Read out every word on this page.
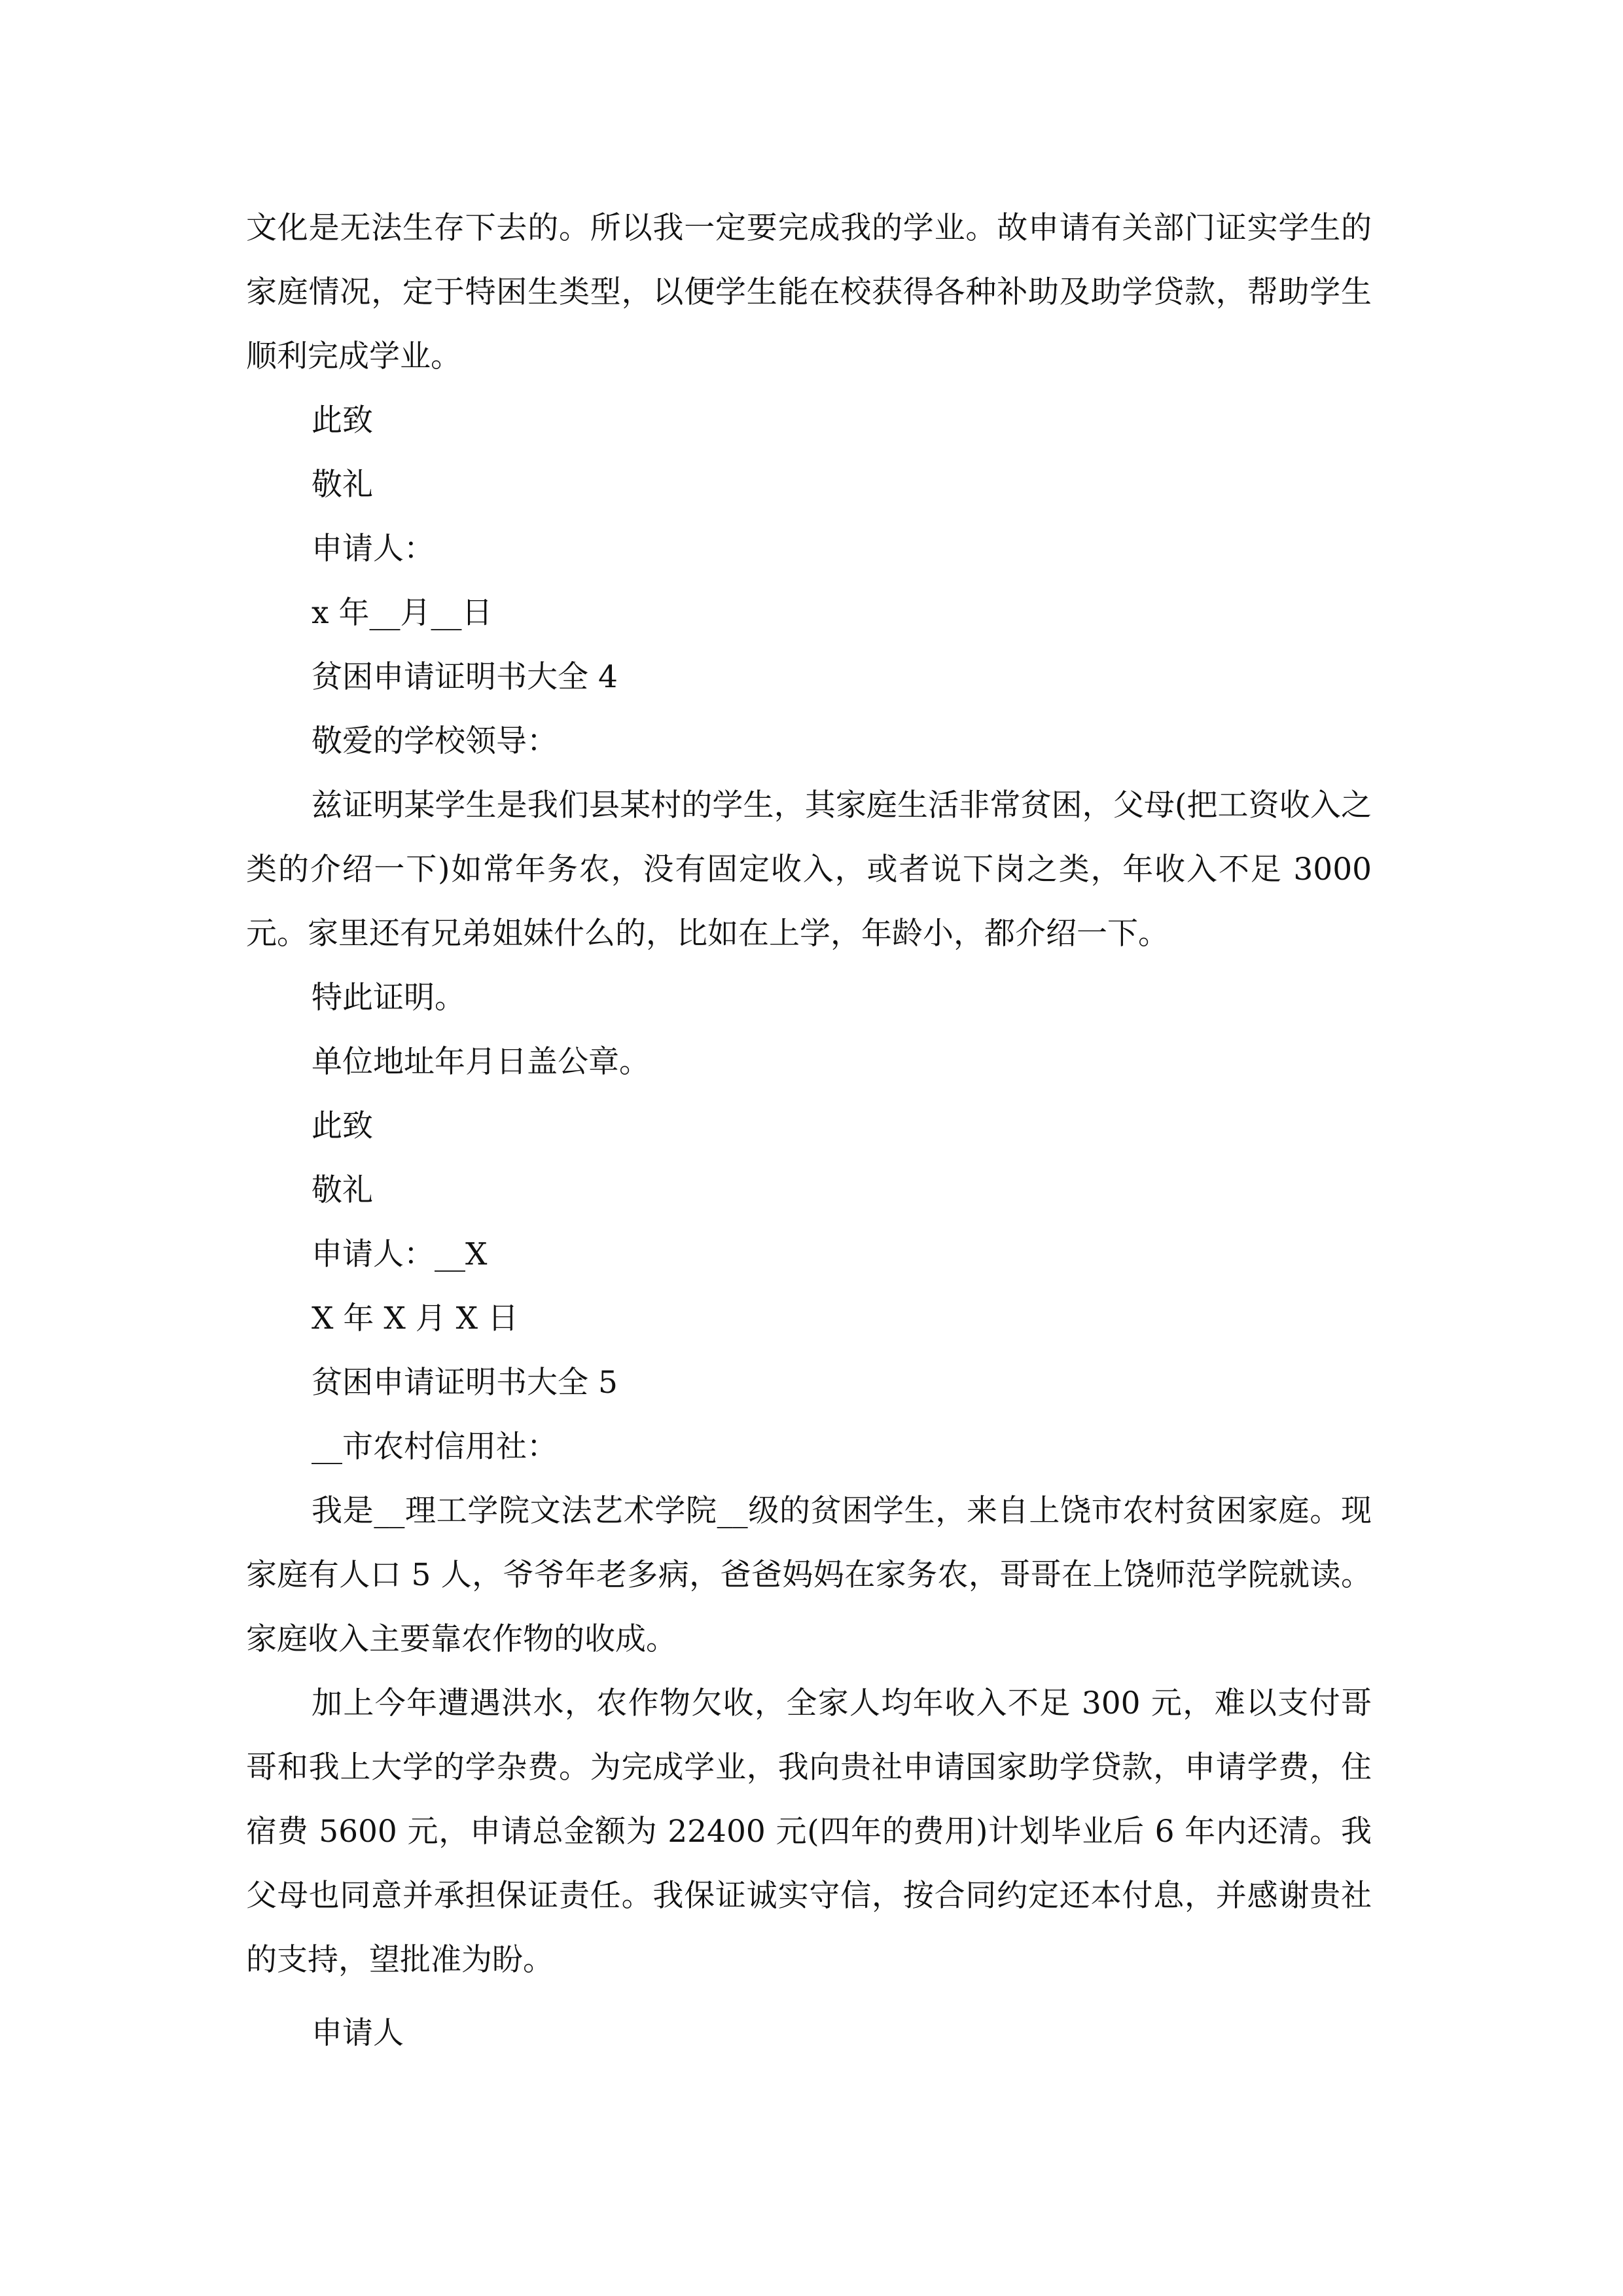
文化是无法生存下去的。所以我一定要完成我的学业。故申请有关部门证实学生的家庭情况，定于特困生类型，以便学生能在校获得各种补助及助学贷款，帮助学生顺利完成学业。

此致

敬礼

申请人：

x 年__月__日

贫困申请证明书大全 4

敬爱的学校领导：

兹证明某学生是我们县某村的学生，其家庭生活非常贫困，父母(把工资收入之类的介绍一下)如常年务农，没有固定收入，或者说下岗之类，年收入不足 3000 元。家里还有兄弟姐妹什么的，比如在上学，年龄小，都介绍一下。

特此证明。

单位地址年月日盖公章。

此致

敬礼

申请人：__X

X 年 X 月 X 日

贫困申请证明书大全 5

__市农村信用社：

我是__理工学院文法艺术学院__级的贫困学生，来自上饶市农村贫困家庭。现家庭有人口 5 人，爷爷年老多病，爸爸妈妈在家务农，哥哥在上饶师范学院就读。家庭收入主要靠农作物的收成。

加上今年遭遇洪水，农作物欠收，全家人均年收入不足 300 元，难以支付哥哥和我上大学的学杂费。为完成学业，我向贵社申请国家助学贷款，申请学费，住宿费 5600 元，申请总金额为 22400 元(四年的费用)计划毕业后 6 年内还清。我父母也同意并承担保证责任。我保证诚实守信，按合同约定还本付息，并感谢贵社的支持，望批准为盼。

申请人
